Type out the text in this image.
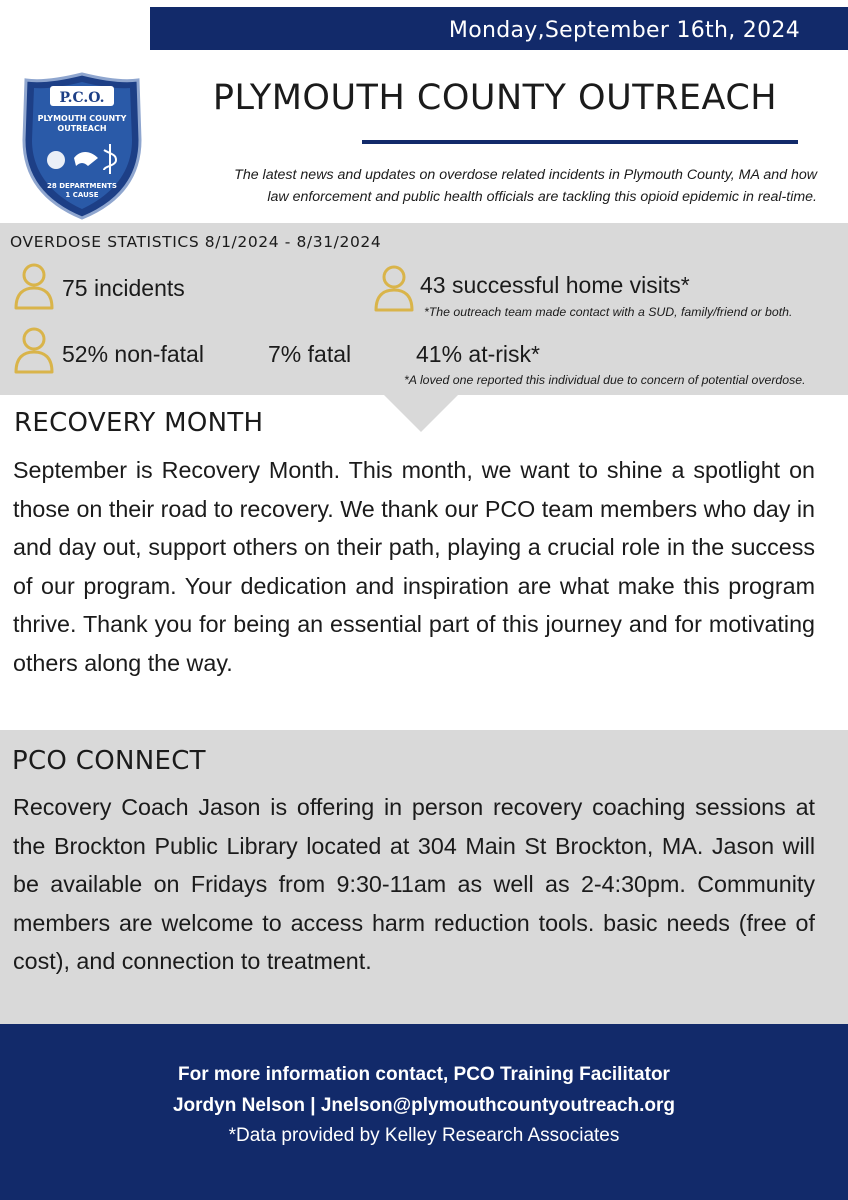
Monday,September 16th, 2024
P.C.O.
PLYMOUTH COUNTY
OUTREACH
28 DEPARTMENTS
1 CAUSE
PLYMOUTH COUNTY OUTREACH
The latest news and updates on overdose related incidents in Plymouth County, MA and how
law enforcement and public health officials are tackling this opioid epidemic in real-time.
OVERDOSE STATISTICS 8/1/2024 - 8/31/2024
75 incidents	43 successful home visits*
*The outreach team made contact with a SUD, family/friend or both.
52% non-fatal	7% fatal	41% at-risk*
*A loved one reported this individual due to concern of potential overdose.
RECOVERY MONTH
September is Recovery Month. This month, we want to shine a spotlight on those on their road to recovery. We thank our PCO team members who day in and day out, support others on their path, playing a crucial role in the success of our program. Your dedication and inspiration are what make this program thrive. Thank you for being an essential part of this journey and for motivating others along the way.
PCO CONNECT
Recovery Coach Jason is offering in person recovery coaching sessions at the Brockton Public Library located at 304 Main St Brockton, MA. Jason will be available on Fridays from 9:30-11am as well as 2-4:30pm. Community members are welcome to access harm reduction tools. basic needs (free of cost), and connection to treatment.
For more information contact, PCO Training Facilitator
Jordyn Nelson | Jnelson@plymouthcountyoutreach.org
*Data provided by Kelley Research Associates
